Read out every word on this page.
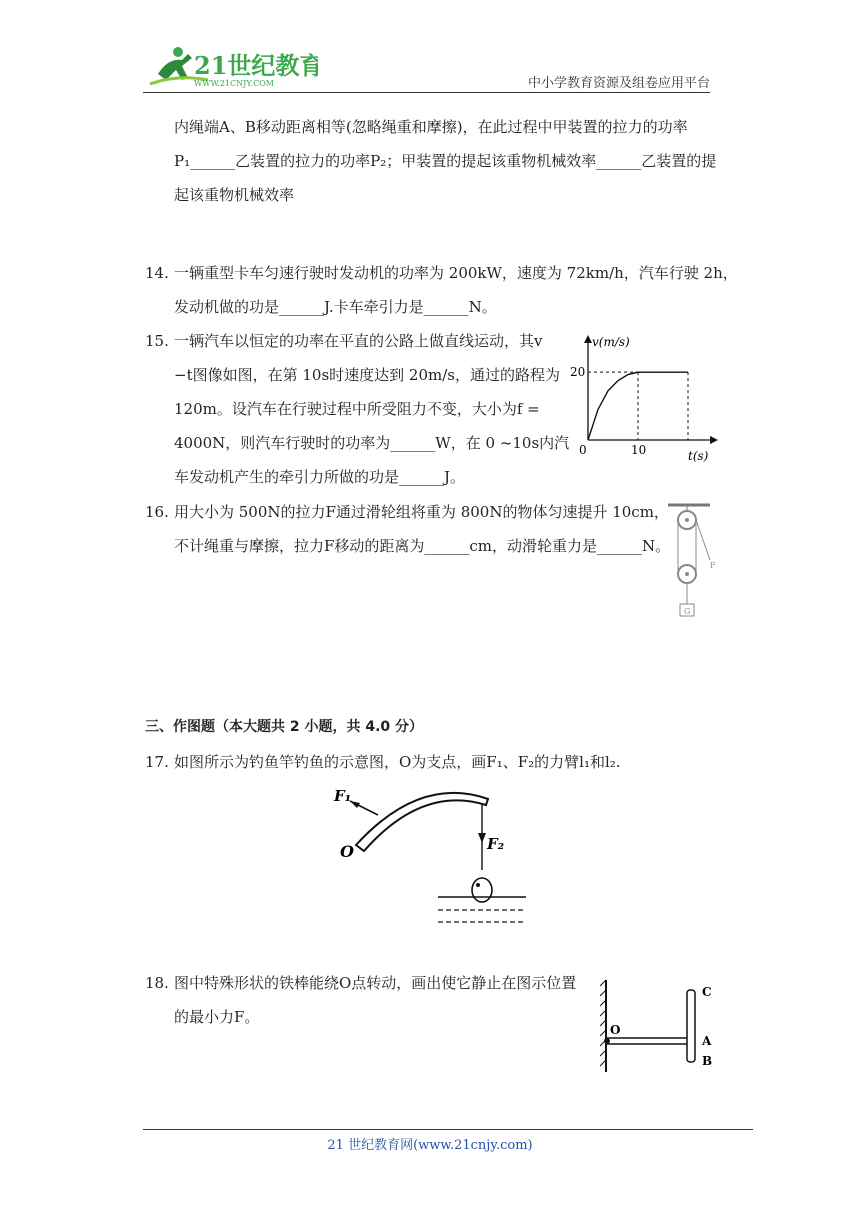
21世纪教育
WWW.21CNJY.COM	中小学教育资源及组卷应用平台
内绳端A、B移动距离相等(忽略绳重和摩擦)，在此过程中甲装置的拉力的功率
P₁______乙装置的拉力的功率P₂；甲装置的提起该重物机械效率______乙装置的提
起该重物机械效率
14. 一辆重型卡车匀速行驶时发动机的功率为 200kW，速度为 72km/h，汽车行驶 2h，
发动机做的功是______J.卡车牵引力是______N。
15. 一辆汽车以恒定的功率在平直的公路上做直线运动，其v
−t图像如图，在第 10s时速度达到 20m/s，通过的路程为
120m。设汽车在行驶过程中所受阻力不变，大小为f =
4000N，则汽车行驶时的功率为______W，在 0 ~10s内汽
车发动机产生的牵引力所做的功是______J。
0	10
20
v(m/s)
t(s)
16. 用大小为 500N的拉力F通过滑轮组将重为 800N的物体匀速提升 10cm，
不计绳重与摩擦，拉力F移动的距离为______cm，动滑轮重力是______N。
F
G
三、作图题（本大题共 2 小题，共 4.0 分）
17. 如图所示为钓鱼竿钓鱼的示意图，O为支点，画F₁、F₂的力臂l₁和l₂.
F₁
O	F₂
18. 图中特殊形状的铁棒能绕O点转动，画出使它静止在图示位置
的最小力F。
O
C
A
B
21 世纪教育网(www.21cnjy.com)
